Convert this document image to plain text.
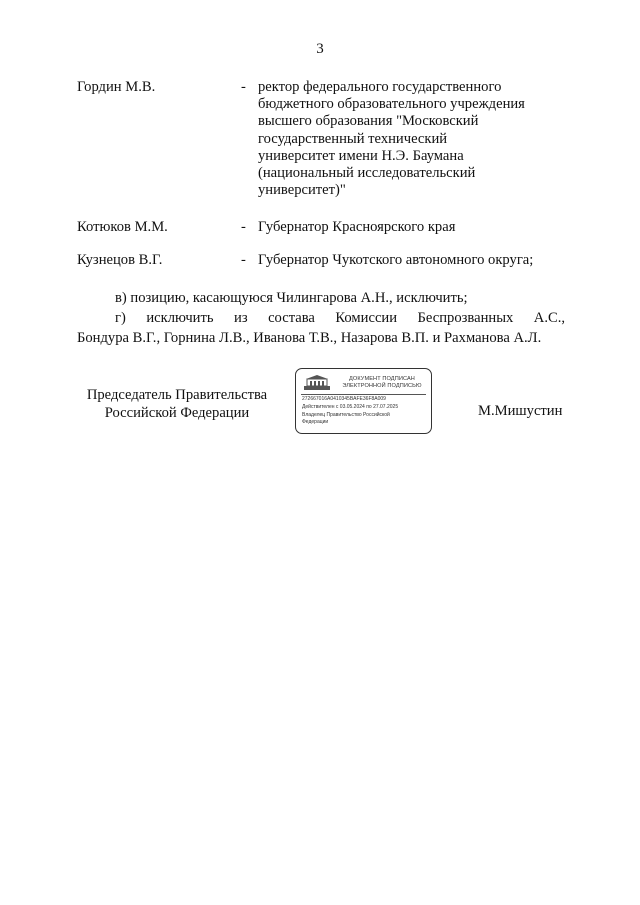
3
Гордин М.В.	- ректор федерального государственного
бюджетного образовательного учреждения
высшего образования "Московский
государственный технический
университет имени Н.Э. Баумана
(национальный исследовательский
университет)"
Котюков М.М.	- Губернатор Красноярского края
Кузнецов В.Г.	- Губернатор Чукотского автономного округа;
в) позицию, касающуюся Чилингарова А.Н., исключить;
г) исключить из состава Комиссии Беспрозванных А.С.,
Бондура В.Г., Горнина Л.В., Иванова Т.В., Назарова В.П. и Рахманова А.Л.
Председатель Правительства
Российской Федерации
ДОКУМЕНТ ПОДПИСАН
ЭЛЕКТРОННОЙ ПОДПИСЬЮ
272667016A0410345BAFE36F8A009
Действителен с 03.05.2024 по 27.07.2025
Владелец Правительство Российской
Федерации
М.Мишустин
